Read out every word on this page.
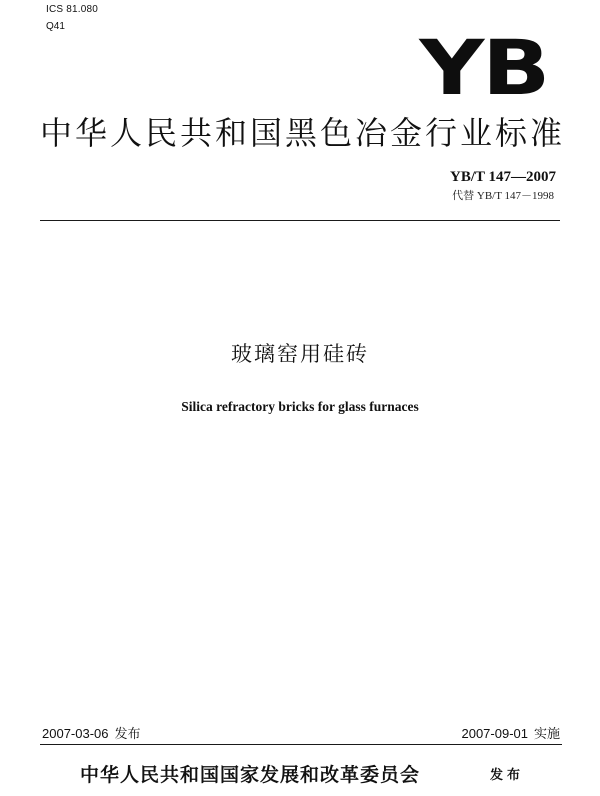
ICS 81.080
Q41	YB
中华人民共和国黑色冶金行业标准
YB/T 147—2007
代替 YB/T 147－1998
玻璃窑用硅砖
Silica refractory bricks for glass furnaces
2007-03-06 发布	2007-09-01 实施
中华人民共和国国家发展和改革委员会	发布
